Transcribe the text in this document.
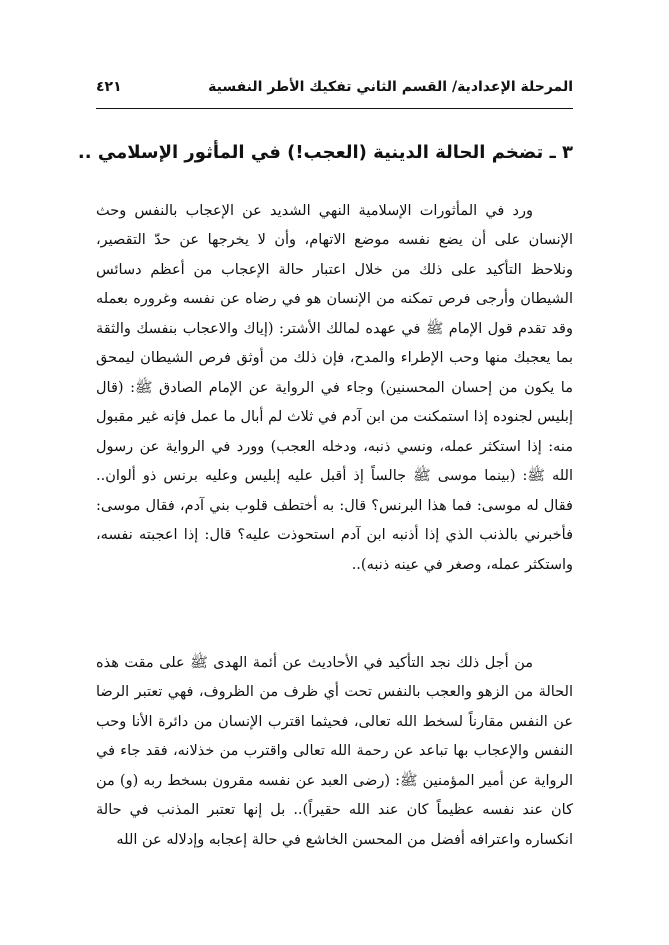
المرحلة الإعدادية/ القسم الثاني تفكيك الأطر النفسية
٤٢١
٣ ـ تضخم الحالة الدينية (العجب!) في المأثور الإسلامي ..

ورد في المأثورات الإسلامية النهي الشديد عن الإعجاب بالنفس وحث الإنسان على أن يضع نفسه موضع الاتهام، وأن لا يخرجها عن حدّ التقصير، ونلاحظ التأكيد على ذلك من خلال اعتبار حالة الإعجاب من أعظم دسائس الشيطان وأرجى فرص تمكنه من الإنسان هو في رضاه عن نفسه وغروره بعمله وقد تقدم قول الإمام ﷺ في عهده لمالك الأشتر: (إياك والاعجاب بنفسك والثقة بما يعجبك منها وحب الإطراء والمدح، فإن ذلك من أوثق فرص الشيطان ليمحق ما يكون من إحسان المحسنين) وجاء في الرواية عن الإمام الصادق ﷺ: (قال إبليس لجنوده إذا استمكنت من ابن آدم في ثلاث لم أبال ما عمل فإنه غير مقبول منه: إذا استكثر عمله، ونسي ذنبه، ودخله العجب) وورد في الرواية عن رسول الله ﷺ: (بينما موسى ﷺ جالساً إذ أقبل عليه إبليس وعليه برنس ذو ألوان.. فقال له موسى: فما هذا البرنس؟ قال: به أختطف قلوب بني آدم، فقال موسى: فأخبرني بالذنب الذي إذا أذنبه ابن آدم استحوذت عليه؟ قال: إذا اعجبته نفسه، واستكثر عمله، وصغر في عينه ذنبه)..

من أجل ذلك نجد التأكيد في الأحاديث عن أئمة الهدى ﷺ على مقت هذه الحالة من الزهو والعجب بالنفس تحت أي ظرف من الظروف، فهي تعتبر الرضا عن النفس مقارناً لسخط الله تعالى، فحيثما اقترب الإنسان من دائرة الأنا وحب النفس والإعجاب بها تباعد عن رحمة الله تعالى واقترب من خذلانه، فقد جاء في الرواية عن أمير المؤمنين ﷺ: (رضى العبد عن نفسه مقرون بسخط ربه (و) من كان عند نفسه عظيماً كان عند الله حقيراً).. بل إنها تعتبر المذنب في حالة انكساره واعترافه أفضل من المحسن الخاشع في حالة إعجابه وإدلاله عن الله
